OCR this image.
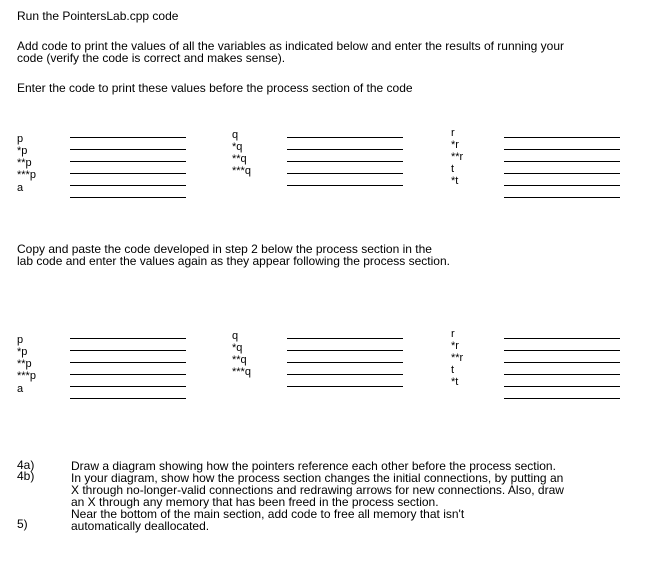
Run the PointersLab.cpp code
Add code to print the values of all the variables as indicated below and enter the results of running your
code (verify the code is correct and makes sense).
Enter the code to print these values before the process section of the code
p
*p
**p
***p
a
q
*q
**q
***q
r
*r
**r
t
*t
Copy and paste the code developed in step 2 below the process section in the
lab code and enter the values again as they appear following the process section.
p
*p
**p
***p
a
q
*q
**q
***q
r
*r
**r
t
*t
4a)
4b)
5)
Draw a diagram showing how the pointers reference each other before the process section.
In your diagram, show how the process section changes the initial connections, by putting an
X through no-longer-valid connections and redrawing arrows for new connections. Also, draw
an X through any memory that has been freed in the process section.
Near the bottom of the main section, add code to free all memory that isn't
automatically deallocated.
